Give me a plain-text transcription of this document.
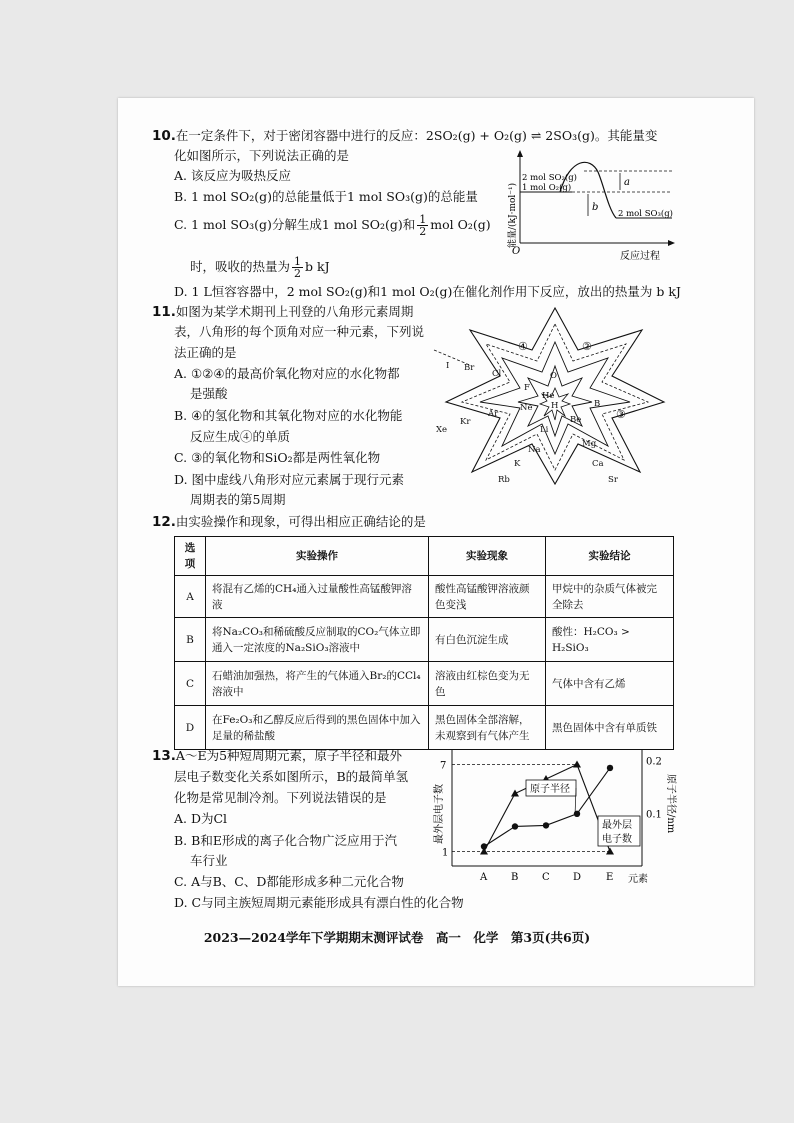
10.在一定条件下，对于密闭容器中进行的反应：2SO₂(g) + O₂(g) ⇌ 2SO₃(g)。其能量变
化如图所示，下列说法正确的是
A. 该反应为吸热反应
B. 1 mol SO₂(g)的总能量低于1 mol SO₃(g)的总能量
C. 1 mol SO₃(g)分解生成1 mol SO₂(g)和 $\frac{1}{2}$ mol O₂(g)
时，吸收的热量为 $\frac{1}{2}$ b kJ
D. 1 L恒容容器中，2 mol SO₂(g)和1 mol O₂(g)在催化剂作用下反应，放出的热量为 b kJ
能量/(kJ·mol⁻¹)
O	反应过程
a
b
2 mol SO₂(g)
1 mol O₂(g)
2 mol SO₃(g)
11.如图为某学术期刊上刊登的八角形元素周期
表，八角形的每个顶角对应一种元素，下列说
法正确的是
A. ①②④的最高价氧化物对应的水化物都
是强酸
B. ④的氢化物和其氧化物对应的水化物能
反应生成④的单质
C. ③的氧化物和SiO₂都是两性氧化物
D. 图中虚线八角形对应元素属于现行元素
周期表的第5周期
H
He
O
F
Ne
Li
Be
B
Cl
Ar
Na
Mg
Br
Kr
K	Ca
I
Xe
Rb	Sr
④	②
③
12.由实验操作和现象，可得出相应正确结论的是
选项	实验操作	实验现象	实验结论
A	将混有乙烯的CH₄通入过量酸性高锰酸钾溶液	酸性高锰酸钾溶液颜色变浅	甲烷中的杂质气体被完全除去
B	将Na₂CO₃和稀硫酸反应制取的CO₂气体立即通入一定浓度的Na₂SiO₃溶液中	有白色沉淀生成	酸性：H₂CO₃ > H₂SiO₃
C	石蜡油加强热，将产生的气体通入Br₂的CCl₄溶液中	溶液由红棕色变为无色	气体中含有乙烯
D	在Fe₂O₃和乙醇反应后得到的黑色固体中加入足量的稀盐酸	黑色固体全部溶解，未观察到有气体产生	黑色固体中含有单质铁
13.A～E为5种短周期元素，原子半径和最外
层电子数变化关系如图所示，B的最简单氢
化物是常见制冷剂。下列说法错误的是
A. D为Cl
B. B和E形成的离子化合物广泛应用于汽
车行业
C. A与B、C、D都能形成多种二元化合物
D. C与同主族短周期元素能形成具有漂白性的化合物
最外层电子数	原子半径/nm
元素
7
1
0.2
0.1
A B C D E
原子半径
最外层
电子数
2023—2024学年下学期期末测评试卷　高一　化学　第3页(共6页)
